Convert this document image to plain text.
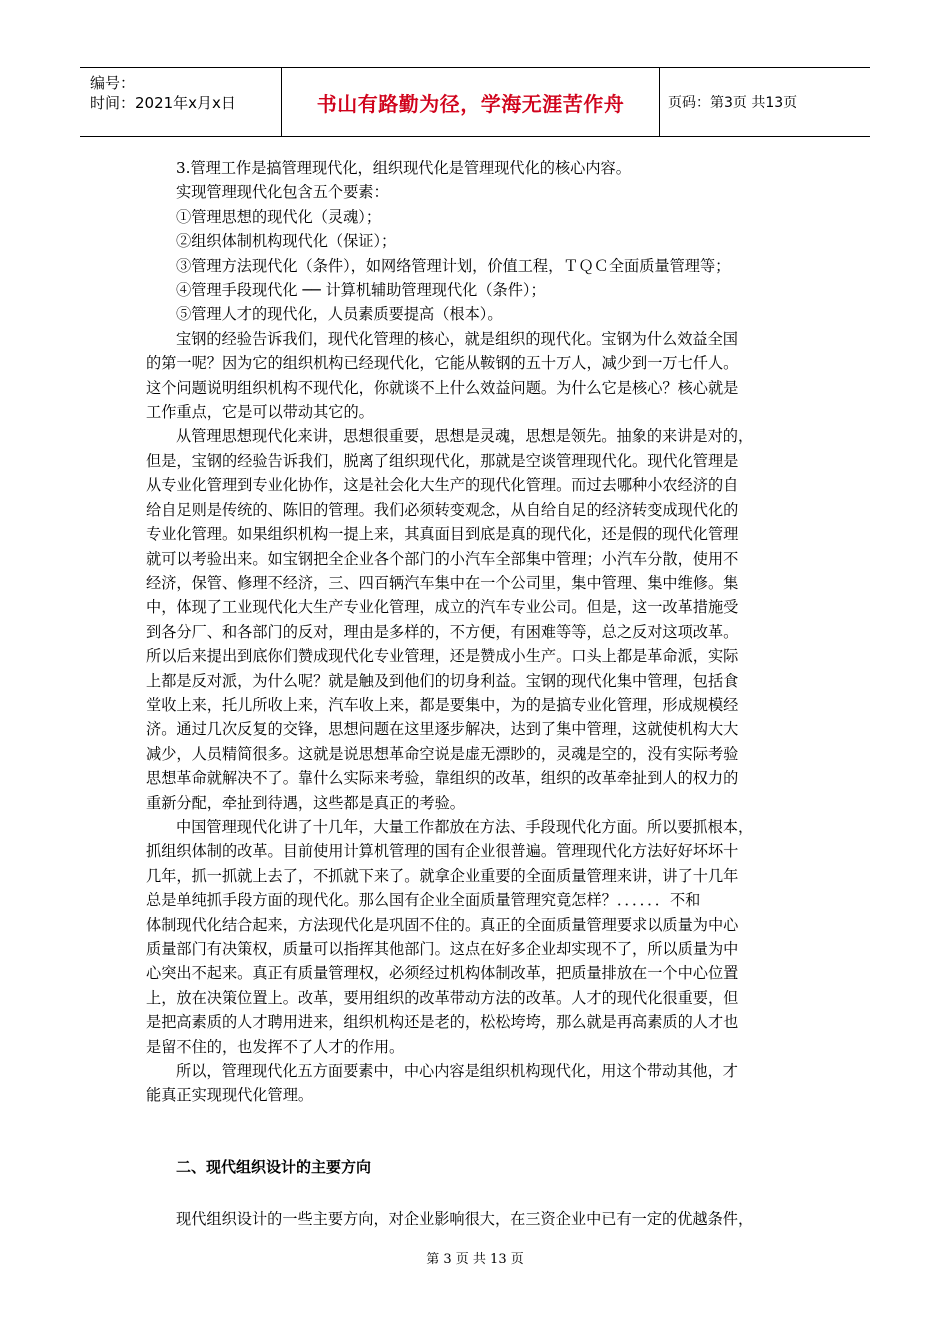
编号：
时间：2021年x月x日	书山有路勤为径，学海无涯苦作舟	页码：第3页 共13页

3.管理工作是搞管理现代化，组织现代化是管理现代化的核心内容。

实现管理现代化包含五个要素：

①管理思想的现代化（灵魂）；

②组织体制机构现代化（保证）；

③管理方法现代化（条件），如网络管理计划，价值工程，ＴＱＣ全面质量管理等；

④管理手段现代化 ── 计算机辅助管理现代化（条件）；

⑤管理人才的现代化，人员素质要提高（根本）。

宝钢的经验告诉我们，现代化管理的核心，就是组织的现代化。宝钢为什么效益全国

的第一呢？因为它的组织机构已经现代化，它能从鞍钢的五十万人，减少到一万七仟人。

这个问题说明组织机构不现代化，你就谈不上什么效益问题。为什么它是核心？核心就是

工作重点，它是可以带动其它的。

从管理思想现代化来讲，思想很重要，思想是灵魂，思想是领先。抽象的来讲是对的，

但是，宝钢的经验告诉我们，脱离了组织现代化，那就是空谈管理现代化。现代化管理是

从专业化管理到专业化协作，这是社会化大生产的现代化管理。而过去哪种小农经济的自

给自足则是传统的、陈旧的管理。我们必须转变观念，从自给自足的经济转变成现代化的

专业化管理。如果组织机构一提上来，其真面目到底是真的现代化，还是假的现代化管理

就可以考验出来。如宝钢把全企业各个部门的小汽车全部集中管理；小汽车分散，使用不

经济，保管、修理不经济，三、四百辆汽车集中在一个公司里，集中管理、集中维修。集

中，体现了工业现代化大生产专业化管理，成立的汽车专业公司。但是，这一改革措施受

到各分厂、和各部门的反对，理由是多样的，不方便，有困难等等，总之反对这项改革。

所以后来提出到底你们赞成现代化专业管理，还是赞成小生产。口头上都是革命派，实际

上都是反对派，为什么呢？就是触及到他们的切身利益。宝钢的现代化集中管理，包括食

堂收上来，托儿所收上来，汽车收上来，都是要集中，为的是搞专业化管理，形成规模经

济。通过几次反复的交锋，思想问题在这里逐步解决，达到了集中管理，这就使机构大大

减少，人员精简很多。这就是说思想革命空说是虚无漂眇的，灵魂是空的，没有实际考验

思想革命就解决不了。靠什么实际来考验，靠组织的改革，组织的改革牵扯到人的权力的

重新分配，牵扯到待遇，这些都是真正的考验。

中国管理现代化讲了十几年，大量工作都放在方法、手段现代化方面。所以要抓根本，

抓组织体制的改革。目前使用计算机管理的国有企业很普遍。管理现代化方法好好坏坏十

几年，抓一抓就上去了，不抓就下来了。就拿企业重要的全面质量管理来讲，讲了十几年

总是单纯抓手段方面的现代化。那么国有企业全面质量管理究竟怎样？．．．．．．不和

体制现代化结合起来，方法现代化是巩固不住的。真正的全面质量管理要求以质量为中心

质量部门有决策权，质量可以指挥其他部门。这点在好多企业却实现不了，所以质量为中

心突出不起来。真正有质量管理权，必须经过机构体制改革，把质量排放在一个中心位置

上，放在决策位置上。改革，要用组织的改革带动方法的改革。人才的现代化很重要，但

是把高素质的人才聘用进来，组织机构还是老的，松松垮垮，那么就是再高素质的人才也

是留不住的，也发挥不了人才的作用。

所以，管理现代化五方面要素中，中心内容是组织机构现代化，用这个带动其他，才

能真正实现现代化管理。

二、现代组织设计的主要方向
现代组织设计的一些主要方向，对企业影响很大，在三资企业中已有一定的优越条件，
第 3 页 共 13 页
